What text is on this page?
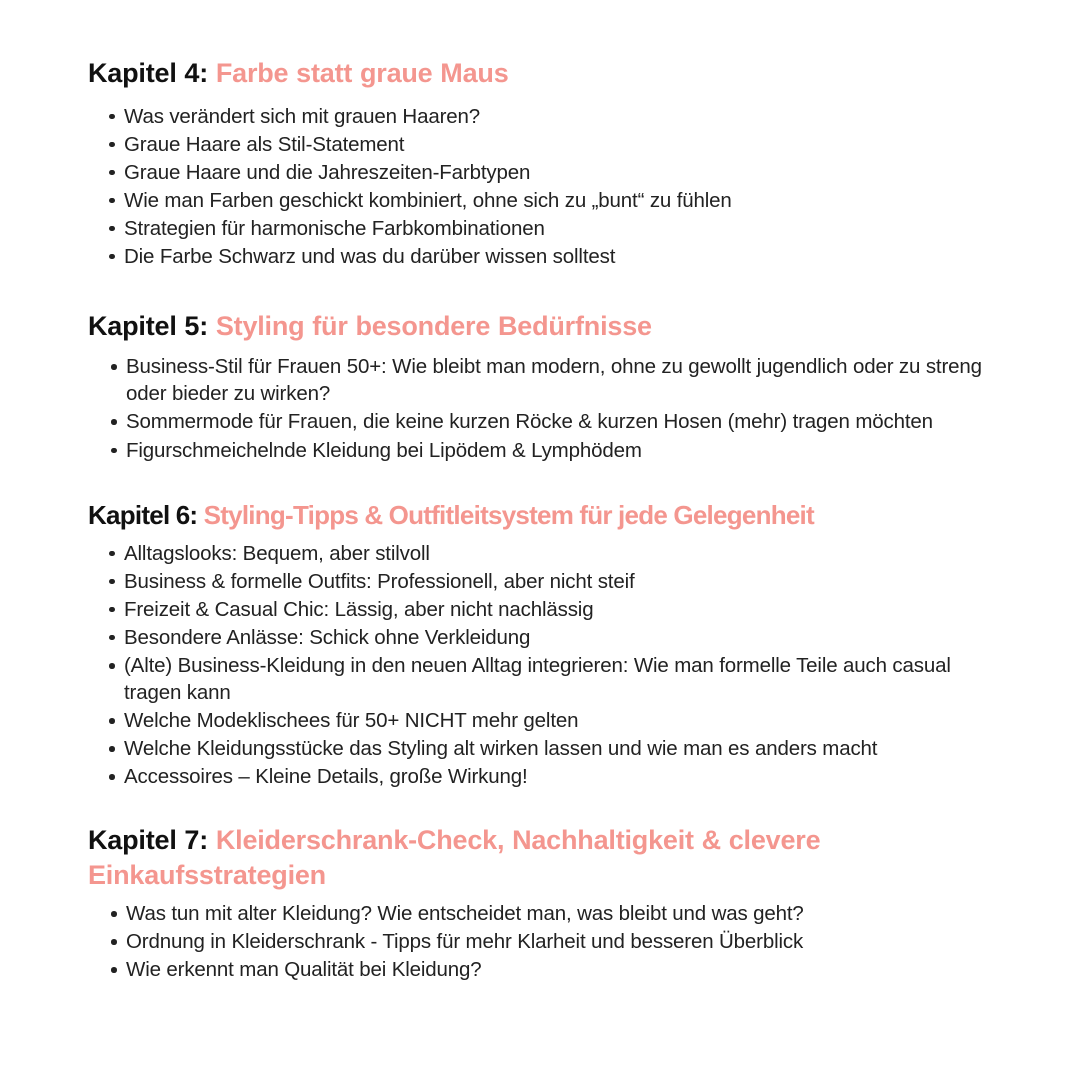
Kapitel 4: Farbe statt graue Maus
Was verändert sich mit grauen Haaren?
Graue Haare als Stil-Statement
Graue Haare und die Jahreszeiten-Farbtypen
Wie man Farben geschickt kombiniert, ohne sich zu „bunt“ zu fühlen
Strategien für harmonische Farbkombinationen
Die Farbe Schwarz und was du darüber wissen solltest
Kapitel 5: Styling für besondere Bedürfnisse
Business-Stil für Frauen 50+: Wie bleibt man modern, ohne zu gewollt jugendlich oder zu streng oder bieder zu wirken?
Sommermode für Frauen, die keine kurzen Röcke & kurzen Hosen (mehr) tragen möchten
Figurschmeichelnde Kleidung bei Lipödem & Lymphödem
Kapitel 6: Styling-Tipps & Outfitleitsystem für jede Gelegenheit
Alltagslooks: Bequem, aber stilvoll
Business & formelle Outfits: Professionell, aber nicht steif
Freizeit & Casual Chic: Lässig, aber nicht nachlässig
Besondere Anlässe: Schick ohne Verkleidung
(Alte) Business-Kleidung in den neuen Alltag integrieren: Wie man formelle Teile auch casual tragen kann
Welche Modeklischees für 50+ NICHT mehr gelten
Welche Kleidungsstücke das Styling alt wirken lassen und wie man es anders macht
Accessoires – Kleine Details, große Wirkung!
Kapitel 7: Kleiderschrank-Check, Nachhaltigkeit & clevere Einkaufsstrategien
Was tun mit alter Kleidung? Wie entscheidet man, was bleibt und was geht?
Ordnung in Kleiderschrank - Tipps für mehr Klarheit und besseren Überblick
Wie erkennt man Qualität bei Kleidung?
